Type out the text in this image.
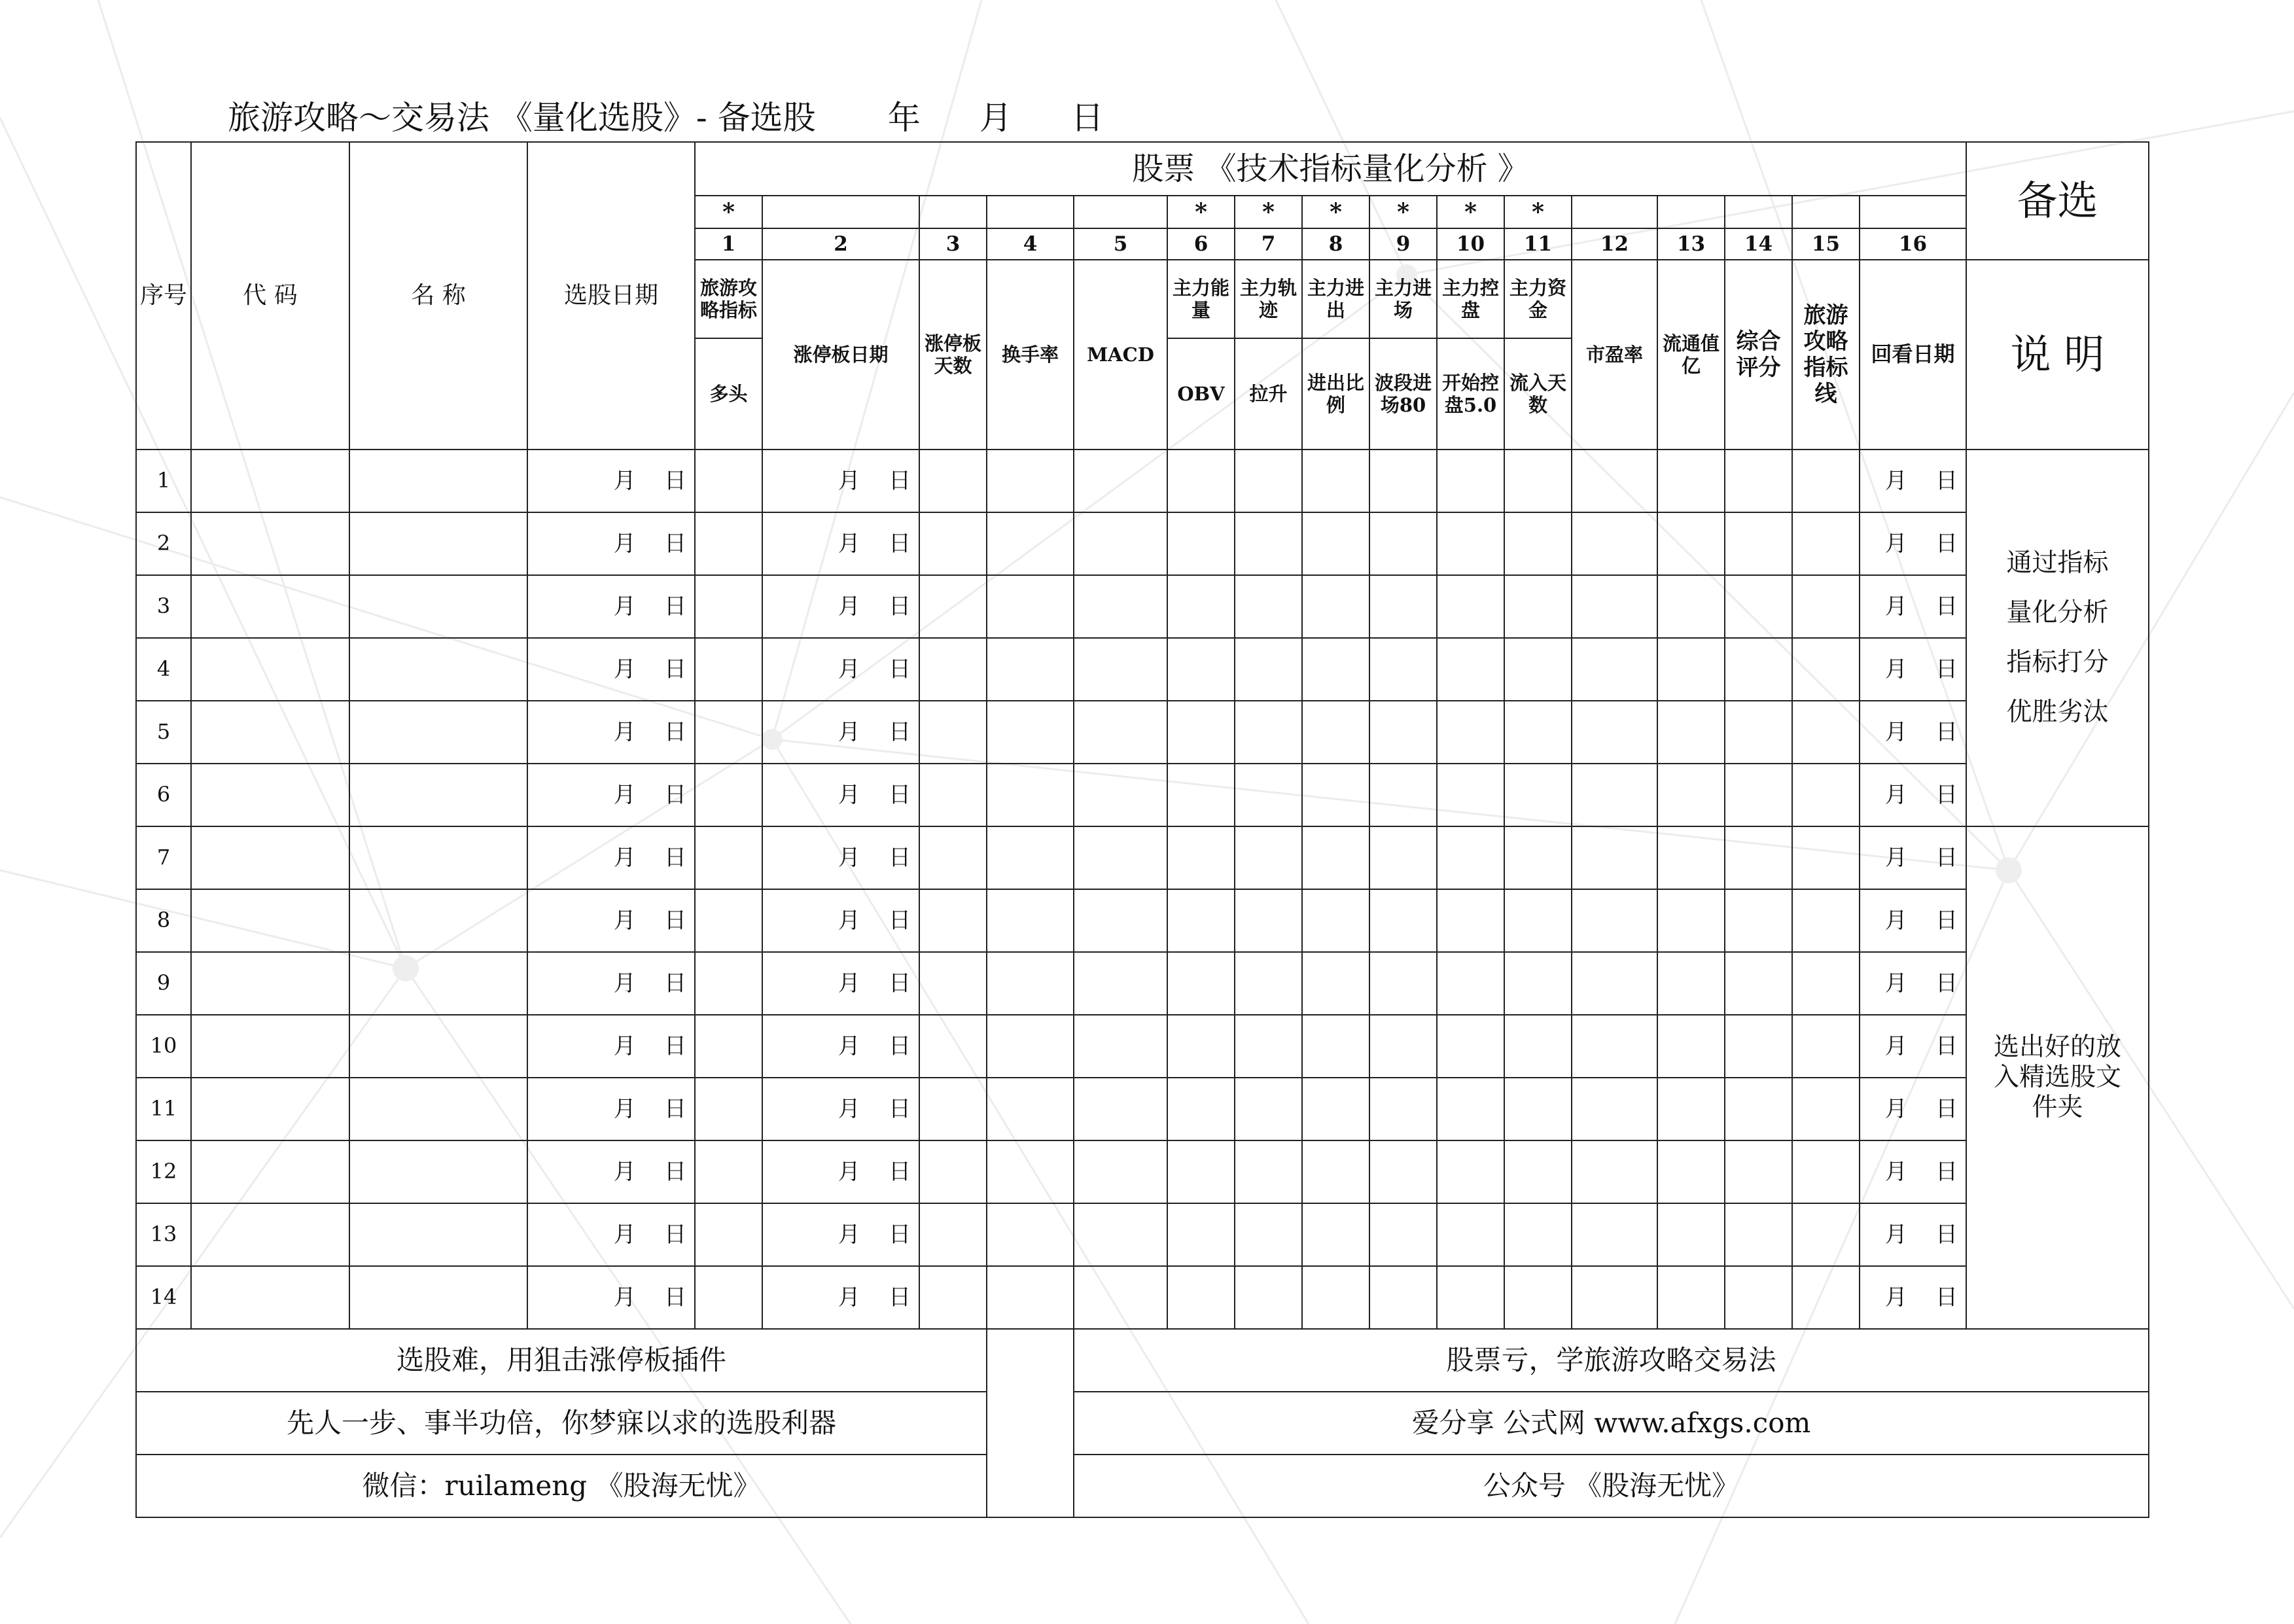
旅游攻略～交易法 《量化选股》- 备选股 年 月 日
序号	代 码	名 称	选股日期	股票 《技术指标量化分析 》																备选
				*					*	*	*	*	*	*						
				1	2	3	4	5	6	7	8	9	10	11	12	13	14	15	16	
				旅游攻略指标	涨停板日期	涨停板天数	换手率	MACD	主力能量	主力轨迹	主力进出	主力进场	主力控盘	主力资金	市盈率	流通值亿	综合评分	旅游攻略指标线	回看日期	说 明
				多头					OBV	拉升	进出比例	波段进场80	开始控盘5.0	流入天数						
1			月    日		月    日														月    日	通过指标
量化分析
指标打分
优胜劣汰

2			月    日		月    日														月    日	
3			月    日		月    日														月    日	
4			月    日		月    日														月    日	
5			月    日		月    日														月    日	
6			月    日		月    日														月    日	
7			月    日		月    日														月    日	选出好的放入精选股文件夹

8			月    日		月    日														月    日	
9			月    日		月    日														月    日	
10			月    日		月    日														月    日	
11			月    日		月    日														月    日	
12			月    日		月    日														月    日	
13			月    日		月    日														月    日	
14			月    日		月    日														月    日	
选股难，用狙击涨停板插件								股票亏，学旅游攻略交易法												
先人一步、事半功倍，你梦寐以求的选股利器								爱分享 公式网 www.afxgs.com												
微信：ruilameng 《股海无忧》								公众号 《股海无忧》												
